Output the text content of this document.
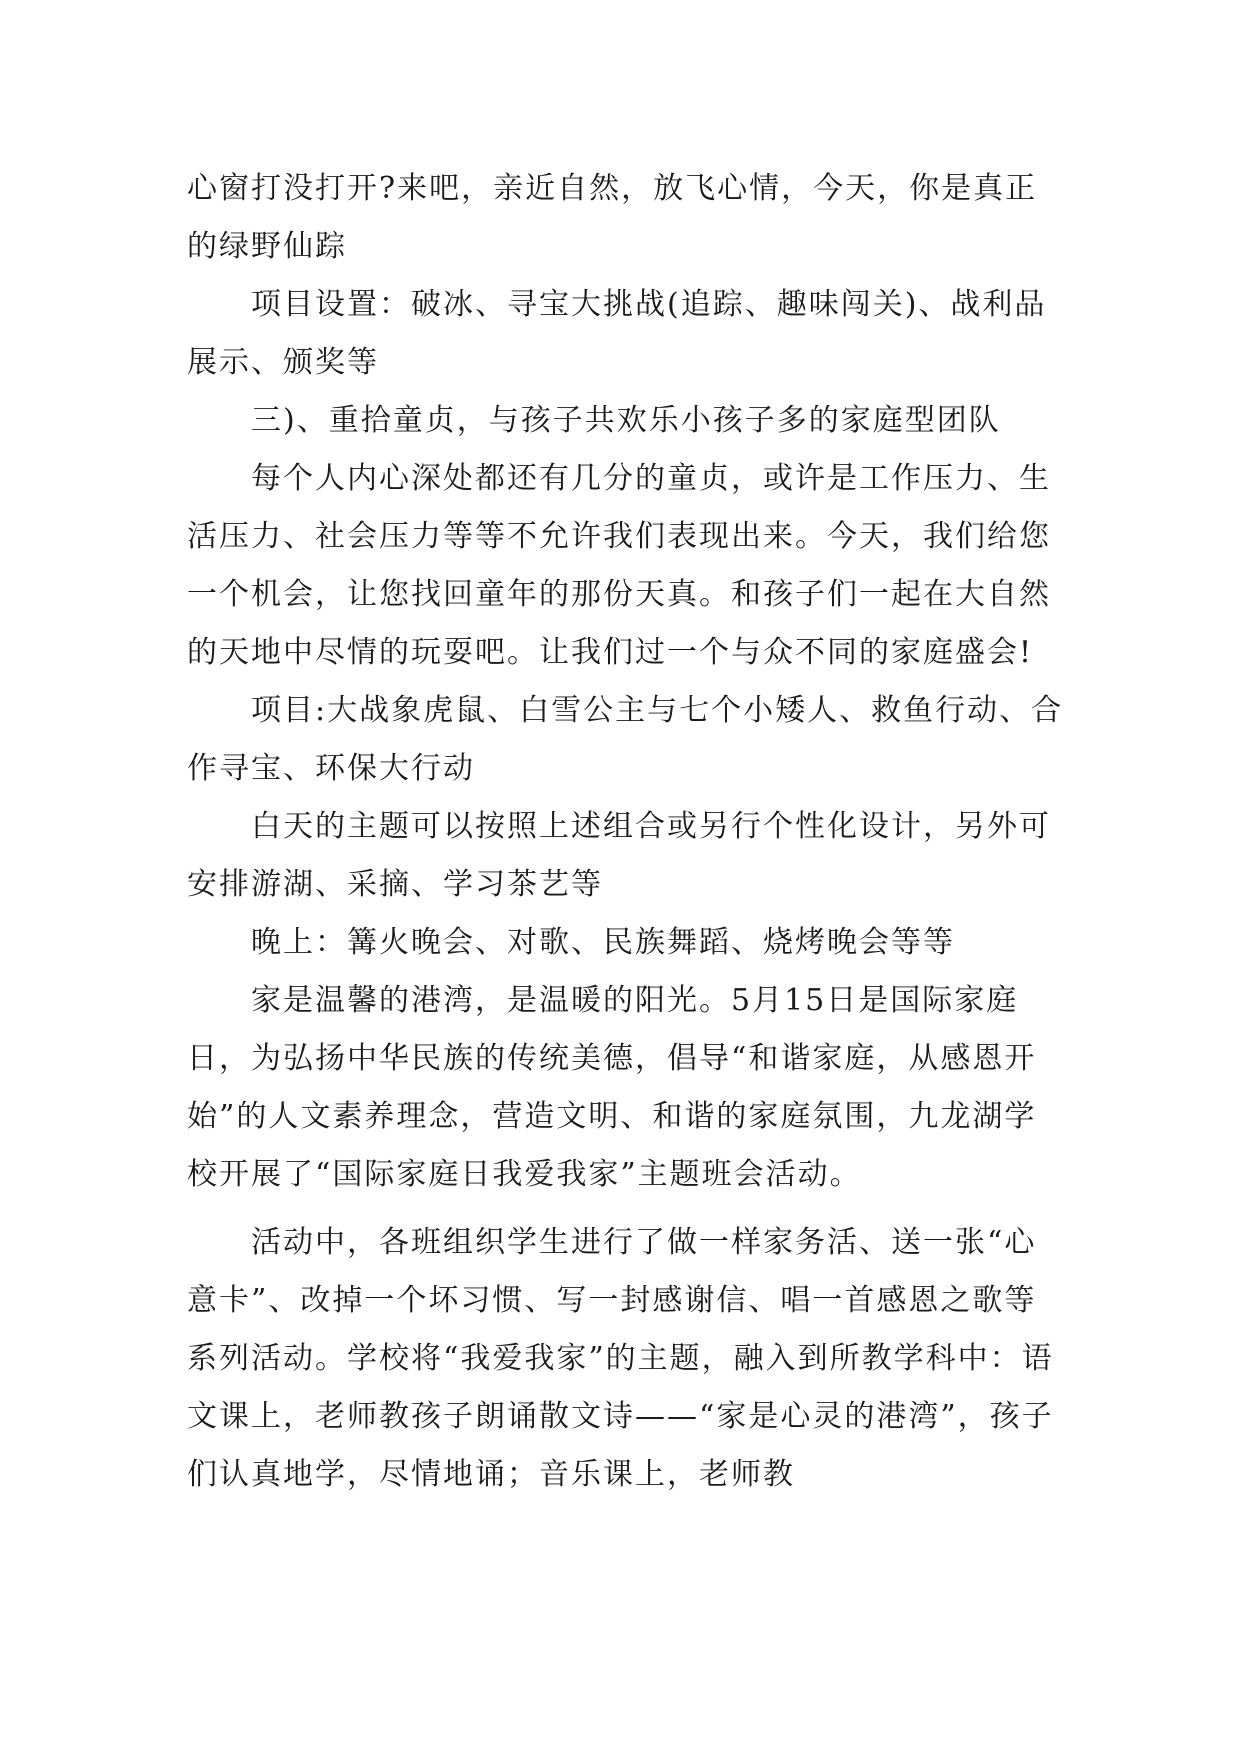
心窗打没打开?来吧，亲近自然，放飞心情，今天，你是真正的绿野仙踪

项目设置：破冰、寻宝大挑战(追踪、趣味闯关)、战利品展示、颁奖等

三)、重拾童贞，与孩子共欢乐小孩子多的家庭型团队

每个人内心深处都还有几分的童贞，或许是工作压力、生活压力、社会压力等等不允许我们表现出来。今天，我们给您一个机会，让您找回童年的那份天真。和孩子们一起在大自然的天地中尽情的玩耍吧。让我们过一个与众不同的家庭盛会!

项目:大战象虎鼠、白雪公主与七个小矮人、救鱼行动、合作寻宝、环保大行动

白天的主题可以按照上述组合或另行个性化设计，另外可安排游湖、采摘、学习茶艺等

晚上：篝火晚会、对歌、民族舞蹈、烧烤晚会等等

家是温馨的港湾，是温暖的阳光。5月15日是国际家庭日，为弘扬中华民族的传统美德，倡导“和谐家庭，从感恩开始”的人文素养理念，营造文明、和谐的家庭氛围，九龙湖学校开展了“国际家庭日我爱我家”主题班会活动。

活动中，各班组织学生进行了做一样家务活、送一张“心意卡”、改掉一个坏习惯、写一封感谢信、唱一首感恩之歌等系列活动。学校将“我爱我家”的主题，融入到所教学科中：语文课上，老师教孩子朗诵散文诗——“家是心灵的港湾”，孩子们认真地学，尽情地诵；音乐课上，老师教
